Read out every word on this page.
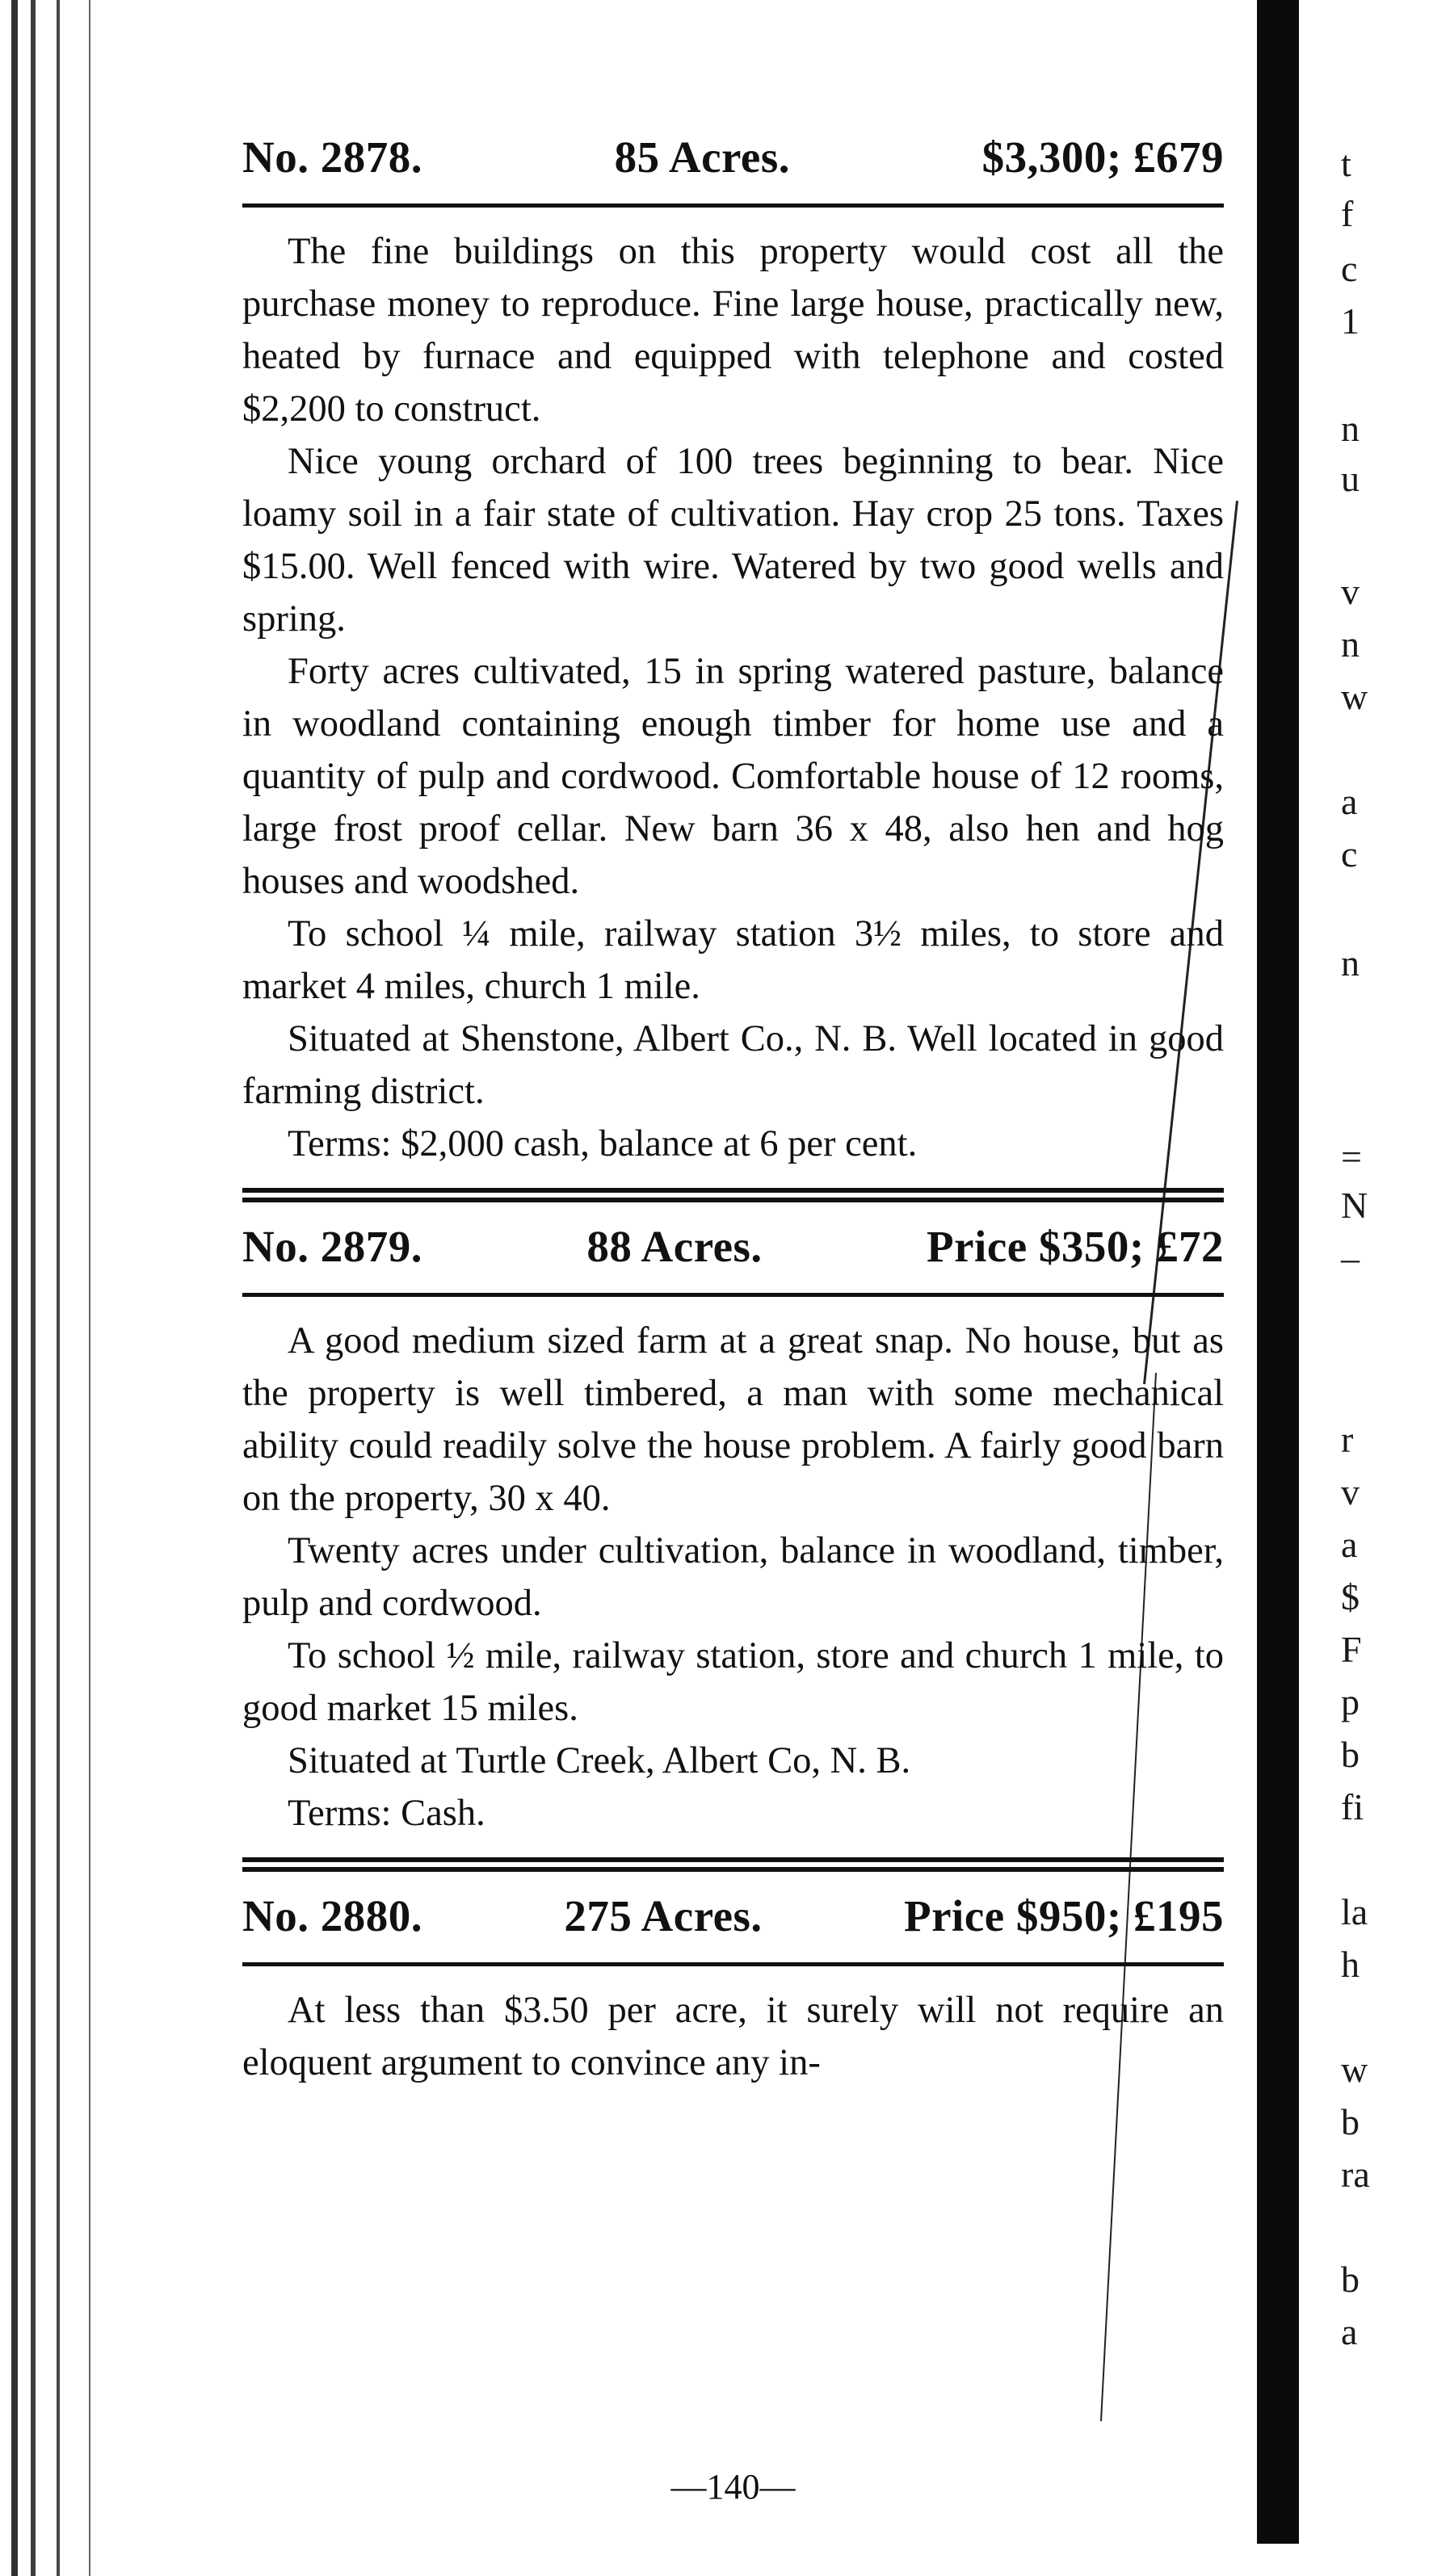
t
f
c
1
n
u
v
n
w
a
c
n
=
N
–
r
v
a
$
F
p
b
fi
la
h
w
b
ra
b
a
No. 2878.	85 Acres.	$3,300; £679

The fine buildings on this property would cost all the purchase money to reproduce. Fine large house, practically new, heated by furnace and equipped with telephone and costed $2,200 to construct.

Nice young orchard of 100 trees beginning to bear. Nice loamy soil in a fair state of cultivation. Hay crop 25 tons. Taxes $15.00. Well fenced with wire. Watered by two good wells and spring.

Forty acres cultivated, 15 in spring watered pasture, balance in woodland containing enough timber for home use and a quantity of pulp and cordwood. Comfortable house of 12 rooms, large frost proof cellar. New barn 36 x 48, also hen and hog houses and woodshed.

To school ¼ mile, railway station 3½ miles, to store and market 4 miles, church 1 mile.

Situated at Shenstone, Albert Co., N. B. Well located in good farming district.

Terms: $2,000 cash, balance at 6 per cent.

No. 2879.	88 Acres.	Price $350; £72

A good medium sized farm at a great snap. No house, but as the property is well timbered, a man with some mechanical ability could readily solve the house problem. A fairly good barn on the property, 30 x 40.

Twenty acres under cultivation, balance in woodland, timber, pulp and cordwood.

To school ½ mile, railway station, store and church 1 mile, to good market 15 miles.

Situated at Turtle Creek, Albert Co, N. B.

Terms: Cash.

No. 2880.	275 Acres.	Price $950; £195

At less than $3.50 per acre, it surely will not require an eloquent argument to convince any in-

—140—
